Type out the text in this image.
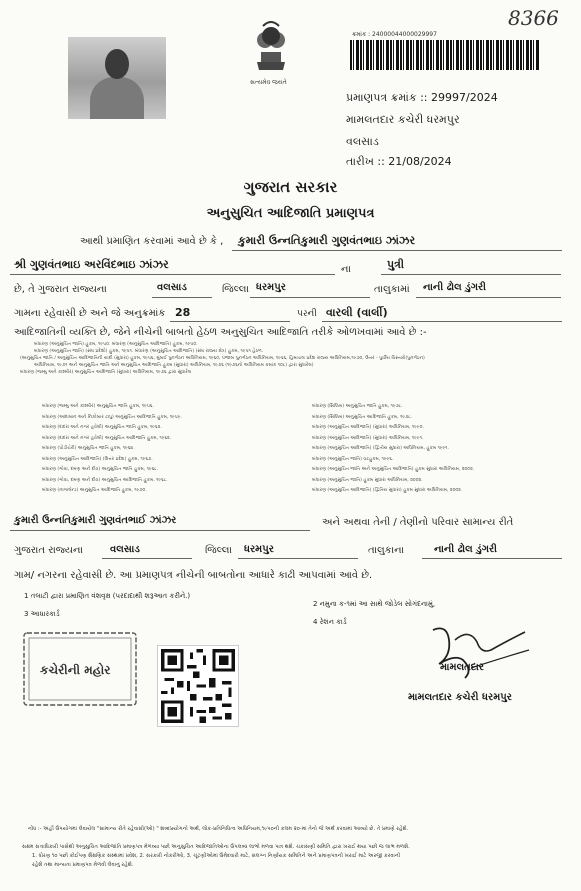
8366
સત્યમેવ જયતે
ક્રમાંક : 24000044000029997
પ્રમાણપત્ર ક્રમાંક :: 29997/2024
મામલતદાર કચેરી ધરમપુર
વલસાડ
તારીખ :: 21/08/2024
ગુજરાત સરકાર
અનુસુચિત આદિજાતિ પ્રમાણપત્ર
આથી પ્રમાણિત કરવામાં આવે છે કે , કુમારી ઉન્નતિકુમારી ગુણવંતભાઇ ઝાંઝર
શ્રી ગુણવંતભાઇ અરવિંદભાઇ ઝાંઝર	ના	પુત્રી
છે, તે ગુજરાત રાજ્યના	વલસાડ	જિલ્લા ધરમપુર	તાલુકામાં નાની ઢોલ ડુંગરી
ગામના રહેવાસી છે અને જે અનુક્રમાંક 28	પરની વારલી (વાર્લી)
આદિજાતિની વ્યક્તિ છે, જેને નીચેની બાબતો હેઠળ અનુસુચિત આદિજાતિ તરીકે ઓળખવામાં આવે છે :-
બંધારણ (અનુસુચિત જાતિ) હુકમ, ૧૯૫૦. બંધારણ (અનુસુચિત આદિજાતિ) હુકમ, ૧૯૫૦.
બંધારણ (અનુસુચિત જાતિ) (સંઘ પ્રદેશો) હુકમ, ૧૯૫૧. બંધારણ (અનુસુચિત આદિજાતિ) (સંઘ રાજ્ય ક્ષેત્ર) હુકમ, ૧૯૫૧ હેઠળ.
(અનુસુચિત જાતિ / અનુસુચિત આદિજાતિની યાદી (સુધારા) હુકમ, ૧૯૫૬, મુંબઈ પુનર્ગઠન અધિનિયમ, ૧૯૬૦, પંજાબ પુનર્ગઠન અધિનિયમ, ૧૯૬૬, હિમાચલ પ્રદેશ રાજ્ય અધિનિયમ,૧૯૭૦, ઉત્તર - પુર્વીય વિસ્તારો(પુનર્ગઠન)
અધિનિયમ, ૧૯૭૧ અને અનુસુચિત જાતિ અને અનુસુચિત આદિજાતિ હુકમ (સુધારા) અધિનિયમ, ૧૯૭૬ (૧૯૭૬નો અધિનિયમ ક્રમાંક ૧૦૮) દ્વારા સુધારેલ)
બંધારણ (જમ્મુ અને કાશ્મીર) અનુસુચિત આદિજાતિ (સુધારા) અધિનિયમ, ૧૯૭૬ દ્વારા સુધારેલ
બંધારણ (જમ્મુ અને કાશ્મીર) અનુસુચિત જાતિ હુકમ, ૧૯૫૬.
બંધારણ (આંદામાન અને નિકોબાર ટાપુ) અનુસુચિત આદિજાતિ હુકમ, ૧૯૫૯.
બંધારણ (દાદરા અને નગર હવેલી) અનુસુચિત જાતિ હુકમ, ૧૯૬૨.
બંધારણ (દાદરા અને નગર હવેલી) અનુસુચિત આદિજાતિ હુકમ, ૧૯૬૨.
બંધારણ (પોંડીચેરી) અનુસુચિત જાતિ હુકમ, ૧૯૬૪.
બંધારણ (અનુસુચિત આદિજાતિ) (ઉત્તર પ્રદેશ) હુકમ, ૧૯૬૭.
બંધારણ (ગોવા, દમણ અને દીવ) અનુસુચિત જાતિ હુકમ, ૧૯૬૮.
બંધારણ (ગોવા, દમણ અને દીવ) અનુસુચિત આદિજાતિ હુકમ, ૧૯૬૮.
બંધારણ (નાગાલેન્ડ) અનુસુચિત આદિજાતિ હુકમ, ૧૯૭૦.
બંધારણ (સિક્કિમ) અનુસુચિત જાતિ હુકમ, ૧૯૭૮.
બંધારણ (સિક્કિમ) અનુસુચિત આદિજાતિ હુકમ, ૧૯૭૮.
બંધારણ (અનુસુચિત આદિજાતિ) (સુધારા) અધિનિયમ, ૧૯૯૦.
બંધારણ (અનુસુચિત આદિજાતિ) (સુધારા) અધિનિયમ, ૧૯૯૧.
બંધારણ (અનુસુચિત આદિજાતિ) (દ્વિતીય સુધારા) અધિનિયમ, હુકમ ૧૯૯૧.
બંધારણ (અનુસુચિત જાતિ) વટહુકમ, ૧૯૯૬.
બંધારણ (અનુસુચિત જાતિ અને અનુસુચિત આદિજાતિ) હુકમ સુધારા અધિનિયમ, ૨૦૦૨.
બંધારણ (અનુસુચિત જાતિ) હુકમ સુધારા અધિનિયમ, ૨૦૦૨.
બંધારણ (અનુસુચિત આદિજાતિ) (દ્વિતિય સુધારા) હુકમ સુધારા અધિનિયમ, ૨૦૦૨.
કુમારી ઉન્નતિકુમારી ગુણવંતભાઈ ઝાંઝર	અને અથવા તેની / તેણીનો પરિવાર સામાન્ય રીતે
ગુજરાત રાજ્યના	વલસાડ	જિલ્લા ધરમપુર	તાલુકાના	નાની ઢોલ ડુંગરી
ગામ/ નગરના રહેવાસી છે. આ પ્રમાણપત્ર નીચેની બાબતોના આધારે કાઢી આપવામાં આવે છે.
1 તલાટી દ્વારા પ્રમાણિત વંશવૃક્ષ (પરદાદાથી શરૂઆત કરીને.)
2 નમુના ક-૧માં આ સાથે જોડેલ સોગંદનામું,
3 આધારકાર્ડ
4 રેશન કાર્ડ
કચેરીની મહોર	મામલતદાર
મામલતદાર કચેરી ધરમપુર
નોંધ :- અહીં ઉપયોગમાં લેવાયેલ "સામાન્ય રીતે રહેવાસી(ઓ) " શબ્દપ્રયોગનો અર્થ, લોક-પ્રતિનિધિત્વ અધિનિયમ,૧૯૫૦ની કલમ ૨૦-માં તેનો જે અર્થ કરવામાં આવ્યો છે. તે પ્રમાણે રહેશે.
સક્ષમ સત્તાધિકારી પાસેથી અનુસુચિત આદિજાતિ પ્રમાણપત્ર મેળવ્યા પછી અનુસુચિત આદિજાતિઓના ઉપલબ્ધ લાભો મળવા પાત્ર થશે. ચકાસણી સમિતિ દ્વારા ખરાઈ થયા પછી જ લાભ મળશે.
1. ધોરણ ૧૦ પછી કોઈપણ શૈક્ષણિક સંસ્થામાં પ્રવેશ, 2. સરકારી નોકરીઓ, 3. ચૂંટણીઓમાં ઉમેદવારી માટે, સંલગ્ન નિર્ણાયક સમિતિને અને પ્રમાણપત્રની ખરાઈ માટે અરજી કરવાની
રહેશે તથા માન્યતા પ્રમાણપત્ર મેળવી લેવાનું રહેશે.
